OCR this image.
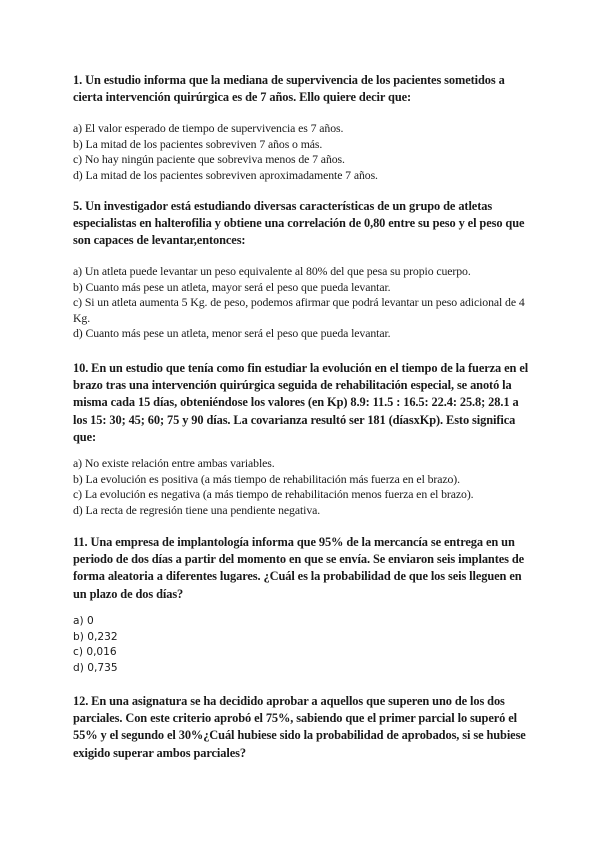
1. Un estudio informa que la mediana de supervivencia de los pacientes sometidos a cierta intervención quirúrgica es de 7 años. Ello quiere decir que:

a) El valor esperado de tiempo de supervivencia es 7 años.
b) La mitad de los pacientes sobreviven 7 años o más.
c) No hay ningún paciente que sobreviva menos de 7 años.
d) La mitad de los pacientes sobreviven aproximadamente 7 años.

5. Un investigador está estudiando diversas características de un grupo de atletas especialistas en halterofilia y obtiene una correlación de 0,80 entre su peso y el peso que son capaces de levantar,entonces:

a) Un atleta puede levantar un peso equivalente al 80% del que pesa su propio cuerpo.
b) Cuanto más pese un atleta, mayor será el peso que pueda levantar.
c) Si un atleta aumenta 5 Kg. de peso, podemos afirmar que podrá levantar un peso adicional de 4 Kg.
d) Cuanto más pese un atleta, menor será el peso que pueda levantar.

10. En un estudio que tenía como fin estudiar la evolución en el tiempo de la fuerza en el brazo tras una intervención quirúrgica seguida de rehabilitación especial, se anotó la misma cada 15 días, obteniéndose los valores (en Kp) 8.9: 11.5 : 16.5: 22.4: 25.8; 28.1 a los 15: 30; 45; 60; 75 y 90 días. La covarianza resultó ser 181 (díasxKp). Esto significa que:

a) No existe relación entre ambas variables.
b) La evolución es positiva (a más tiempo de rehabilitación más fuerza en el brazo).
c) La evolución es negativa (a más tiempo de rehabilitación menos fuerza en el brazo).
d) La recta de regresión tiene una pendiente negativa.

11. Una empresa de implantología informa que 95% de la mercancía se entrega en un periodo de dos días a partir del momento en que se envía. Se enviaron seis implantes de forma aleatoria a diferentes lugares. ¿Cuál es la probabilidad de que los seis lleguen en un plazo de dos días?

a) 0
b) 0,232
c) 0,016
d) 0,735

12. En una asignatura se ha decidido aprobar a aquellos que superen uno de los dos parciales. Con este criterio aprobó el 75%, sabiendo que el primer parcial lo superó el 55% y el segundo el 30%¿Cuál hubiese sido la probabilidad de aprobados, si se hubiese exigido superar ambos parciales?
